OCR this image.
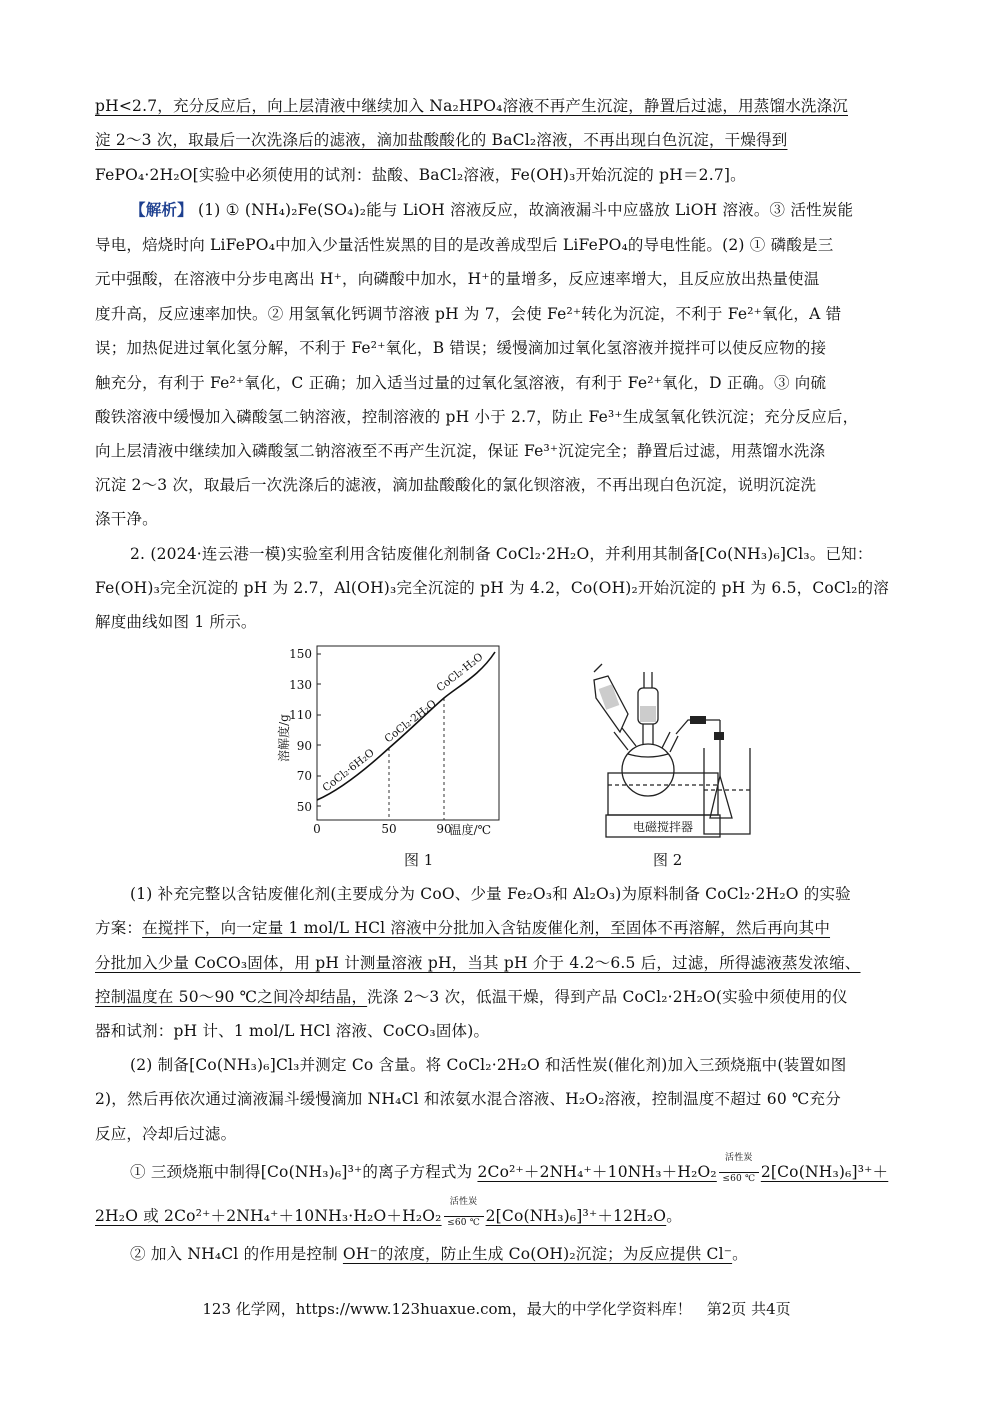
pH<2.7，充分反应后，向上层清液中继续加入 Na₂HPO₄溶液不再产生沉淀，静置后过滤，用蒸馏水洗涤沉
淀 2～3 次，取最后一次洗涤后的滤液，滴加盐酸酸化的 BaCl₂溶液，不再出现白色沉淀，干燥得到
FePO₄·2H₂O[实验中必须使用的试剂：盐酸、BaCl₂溶液，Fe(OH)₃开始沉淀的 pH＝2.7]。
【解析】 (1) ① (NH₄)₂Fe(SO₄)₂能与 LiOH 溶液反应，故滴液漏斗中应盛放 LiOH 溶液。③ 活性炭能
导电，焙烧时向 LiFePO₄中加入少量活性炭黑的目的是改善成型后 LiFePO₄的导电性能。(2) ① 磷酸是三
元中强酸，在溶液中分步电离出 H⁺，向磷酸中加水，H⁺的量增多，反应速率增大，且反应放出热量使温
度升高，反应速率加快。② 用氢氧化钙调节溶液 pH 为 7，会使 Fe²⁺转化为沉淀，不利于 Fe²⁺氧化，A 错
误；加热促进过氧化氢分解，不利于 Fe²⁺氧化，B 错误；缓慢滴加过氧化氢溶液并搅拌可以使反应物的接
触充分，有利于 Fe²⁺氧化，C 正确；加入适当过量的过氧化氢溶液，有利于 Fe²⁺氧化，D 正确。③ 向硫
酸铁溶液中缓慢加入磷酸氢二钠溶液，控制溶液的 pH 小于 2.7，防止 Fe³⁺生成氢氧化铁沉淀；充分反应后，
向上层清液中继续加入磷酸氢二钠溶液至不再产生沉淀，保证 Fe³⁺沉淀完全；静置后过滤，用蒸馏水洗涤
沉淀 2～3 次，取最后一次洗涤后的滤液，滴加盐酸酸化的氯化钡溶液，不再出现白色沉淀，说明沉淀洗
涤干净。
2. (2024·连云港一模)实验室利用含钴废催化剂制备 CoCl₂·2H₂O，并利用其制备[Co(NH₃)₆]Cl₃。已知：
Fe(OH)₃完全沉淀的 pH 为 2.7，Al(OH)₃完全沉淀的 pH 为 4.2，Co(OH)₂开始沉淀的 pH 为 6.5，CoCl₂的溶
解度曲线如图 1 所示。
150
130
110
90
70
50
0	50	90
温度/℃
溶解度/g
CoCl₂·6H₂O
CoCl₂·2H₂O
CoCl₂·H₂O
图 1
电磁搅拌器
图 2
(1) 补充完整以含钴废催化剂(主要成分为 CoO、少量 Fe₂O₃和 Al₂O₃)为原料制备 CoCl₂·2H₂O 的实验
方案：在搅拌下，向一定量 1 mol/L HCl 溶液中分批加入含钴废催化剂，至固体不再溶解，然后再向其中
分批加入少量 CoCO₃固体，用 pH 计测量溶液 pH，当其 pH 介于 4.2～6.5 后，过滤，所得滤液蒸发浓缩、
控制温度在 50～90 ℃之间冷却结晶，洗涤 2～3 次，低温干燥，得到产品 CoCl₂·2H₂O(实验中须使用的仪
器和试剂：pH 计、1 mol/L HCl 溶液、CoCO₃固体)。
(2) 制备[Co(NH₃)₆]Cl₃并测定 Co 含量。将 CoCl₂·2H₂O 和活性炭(催化剂)加入三颈烧瓶中(装置如图
2)，然后再依次通过滴液漏斗缓慢滴加 NH₄Cl 和浓氨水混合溶液、H₂O₂溶液，控制温度不超过 60 ℃充分
反应，冷却后过滤。
① 三颈烧瓶中制得[Co(NH₃)₆]³⁺的离子方程式为 2Co²⁺＋2NH₄⁺＋10NH₃＋H₂O₂
活性炭
≤60 ℃ 2[Co(NH₃)₆]³⁺＋
2H₂O 或 2Co²⁺＋2NH₄⁺＋10NH₃·H₂O＋H₂O₂
活性炭
≤60 ℃ 2[Co(NH₃)₆]³⁺＋12H₂O。
② 加入 NH₄Cl 的作用是控制 OH⁻的浓度，防止生成 Co(OH)₂沉淀；为反应提供 Cl⁻。
123 化学网，https://www.123huaxue.com，最大的中学化学资料库！　第2页 共4页
